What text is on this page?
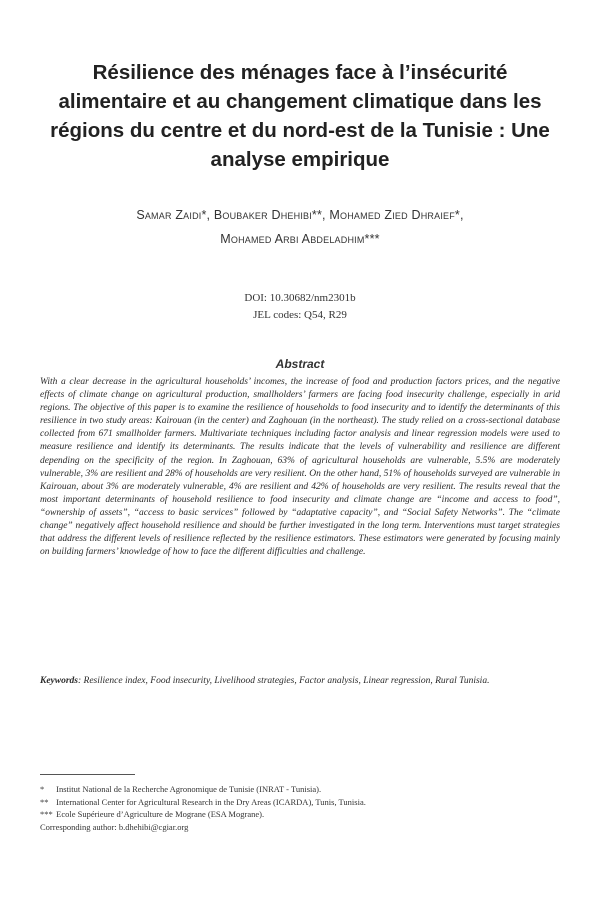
Résilience des ménages face à l’insécurité alimentaire et au changement climatique dans les régions du centre et du nord-est de la Tunisie : Une analyse empirique
Samar Zaidi*, Boubaker Dhehibi**, Mohamed Zied Dhraief*,
Mohamed Arbi Abdeladhim***
DOI: 10.30682/nm2301b
JEL codes: Q54, R29
Abstract

With a clear decrease in the agricultural households’ incomes, the increase of food and production factors prices, and the negative effects of climate change on agricultural production, smallholders’ farmers are facing food insecurity challenge, especially in arid regions. The objective of this paper is to examine the resilience of households to food insecurity and to identify the determinants of this resilience in two study areas: Kairouan (in the center) and Zaghouan (in the northeast). The study relied on a cross-sectional database collected from 671 smallholder farmers. Multivariate techniques including factor analysis and linear regression models were used to measure resilience and identify its determinants. The results indicate that the levels of vulnerability and resilience are different depending on the specificity of the region. In Zaghouan, 63% of agricultural households are vulnerable, 5.5% are moderately vulnerable, 3% are resilient and 28% of households are very resilient. On the other hand, 51% of households surveyed are vulnerable in Kairouan, about 3% are moderately vulnerable, 4% are resilient and 42% of households are very resilient. The results reveal that the most important determinants of household resilience to food insecurity and climate change are “income and access to food”, “ownership of assets”, “access to basic services” followed by “adaptative capacity”, and “Social Safety Networks”. The “climate change” negatively affect household resilience and should be further investigated in the long term. Interventions must target strategies that address the different levels of resilience reflected by the resilience estimators. These estimators were generated by focusing mainly on building farmers’ knowledge of how to face the different difficulties and challenge.

Keywords: Resilience index, Food insecurity, Livelihood strategies, Factor analysis, Linear regression, Rural Tunisia.
* Institut National de la Recherche Agronomique de Tunisie (INRAT - Tunisia).
** International Center for Agricultural Research in the Dry Areas (ICARDA), Tunis, Tunisia.
*** Ecole Supérieure d’Agriculture de Mograne (ESA Mograne).
Corresponding author: b.dhehibi@cgiar.org
